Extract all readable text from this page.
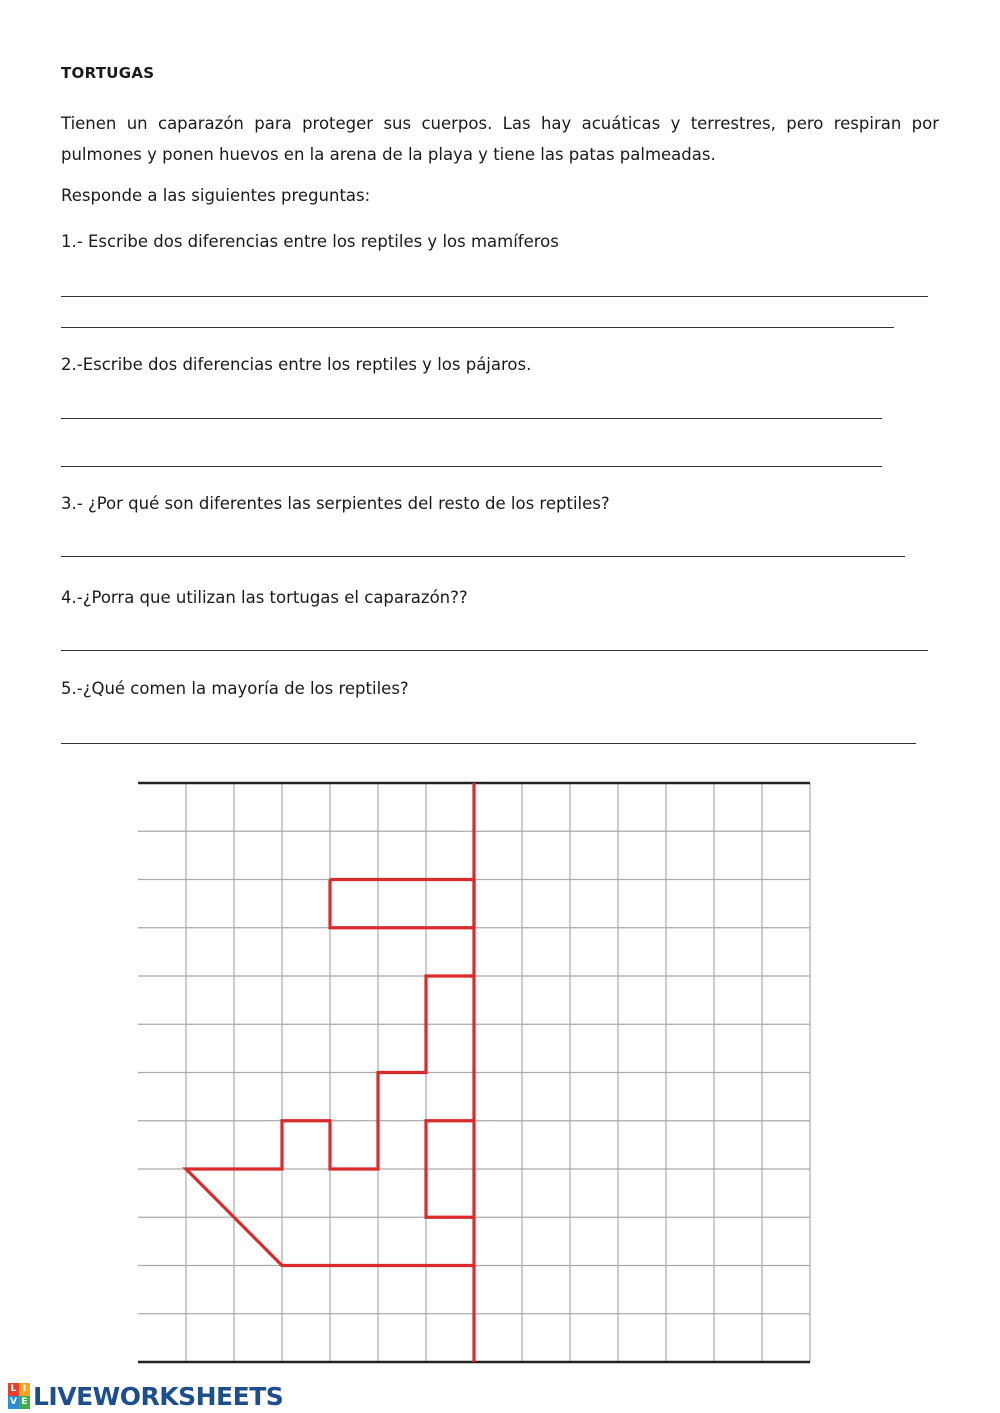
TORTUGAS
Tienen un caparazón para proteger sus cuerpos. Las hay acuáticas y terrestres, pero respiran por pulmones y ponen huevos en la arena de la playa y tiene las patas palmeadas.
Responde a las siguientes preguntas:
1.- Escribe dos diferencias entre los reptiles y los mamíferos
2.-Escribe dos diferencias entre los reptiles y los pájaros.
3.- ¿Por qué son diferentes las serpientes del resto de los reptiles?
4.-¿Porra que utilizan las tortugas el caparazón??
5.-¿Qué comen la mayoría de los reptiles?
L I
V E LIVEWORKSHEETS
